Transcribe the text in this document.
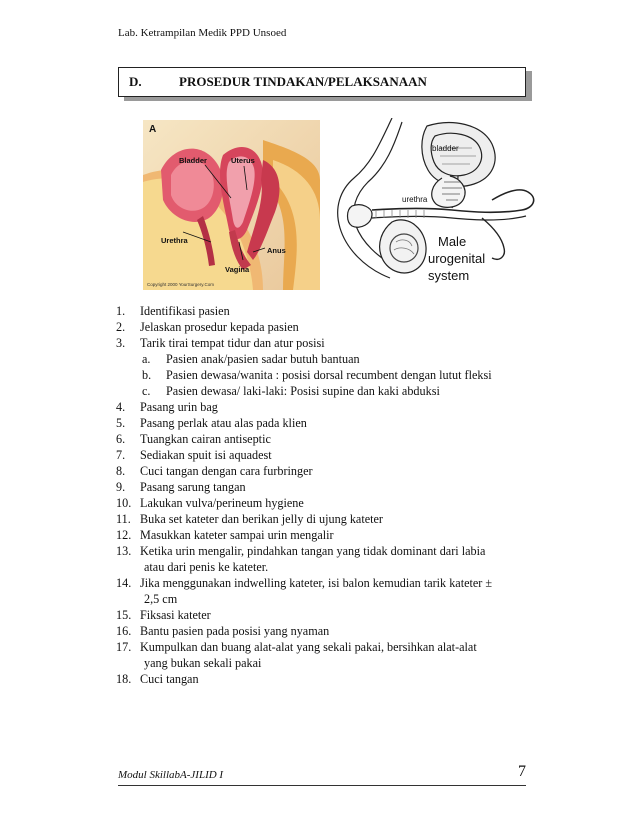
Lab. Ketrampilan Medik PPD Unsoed
D.	PROSEDUR TINDAKAN/PELAKSANAAN
A
Bladder	Uterus
Urethra
Vagina
Anus
Copyright 2000 YourSurgery.Com
bladder
urethra
Male
urogenital
system
1. Identifikasi pasien
2. Jelaskan prosedur kepada pasien
3. Tarik tirai tempat tidur dan atur posisi
a. Pasien anak/pasien sadar butuh bantuan
b. Pasien dewasa/wanita : posisi dorsal recumbent dengan lutut fleksi
c. Pasien dewasa/ laki-laki: Posisi supine dan kaki abduksi
4. Pasang urin bag
5. Pasang perlak atau alas pada klien
6. Tuangkan cairan antiseptic
7. Sediakan spuit isi aquadest
8. Cuci tangan dengan cara furbringer
9. Pasang sarung tangan
10. Lakukan vulva/perineum hygiene
11. Buka set kateter dan berikan jelly di ujung kateter
12. Masukkan kateter sampai urin mengalir
13. Ketika urin mengalir, pindahkan tangan yang tidak dominant dari labia
atau dari penis ke kateter.
14. Jika menggunakan indwelling kateter, isi balon kemudian tarik kateter ±
2,5 cm
15. Fiksasi kateter
16. Bantu pasien pada posisi yang nyaman
17. Kumpulkan dan buang alat-alat yang sekali pakai, bersihkan alat-alat
yang bukan sekali pakai
18. Cuci tangan
Modul SkillabA-JILID I	7
